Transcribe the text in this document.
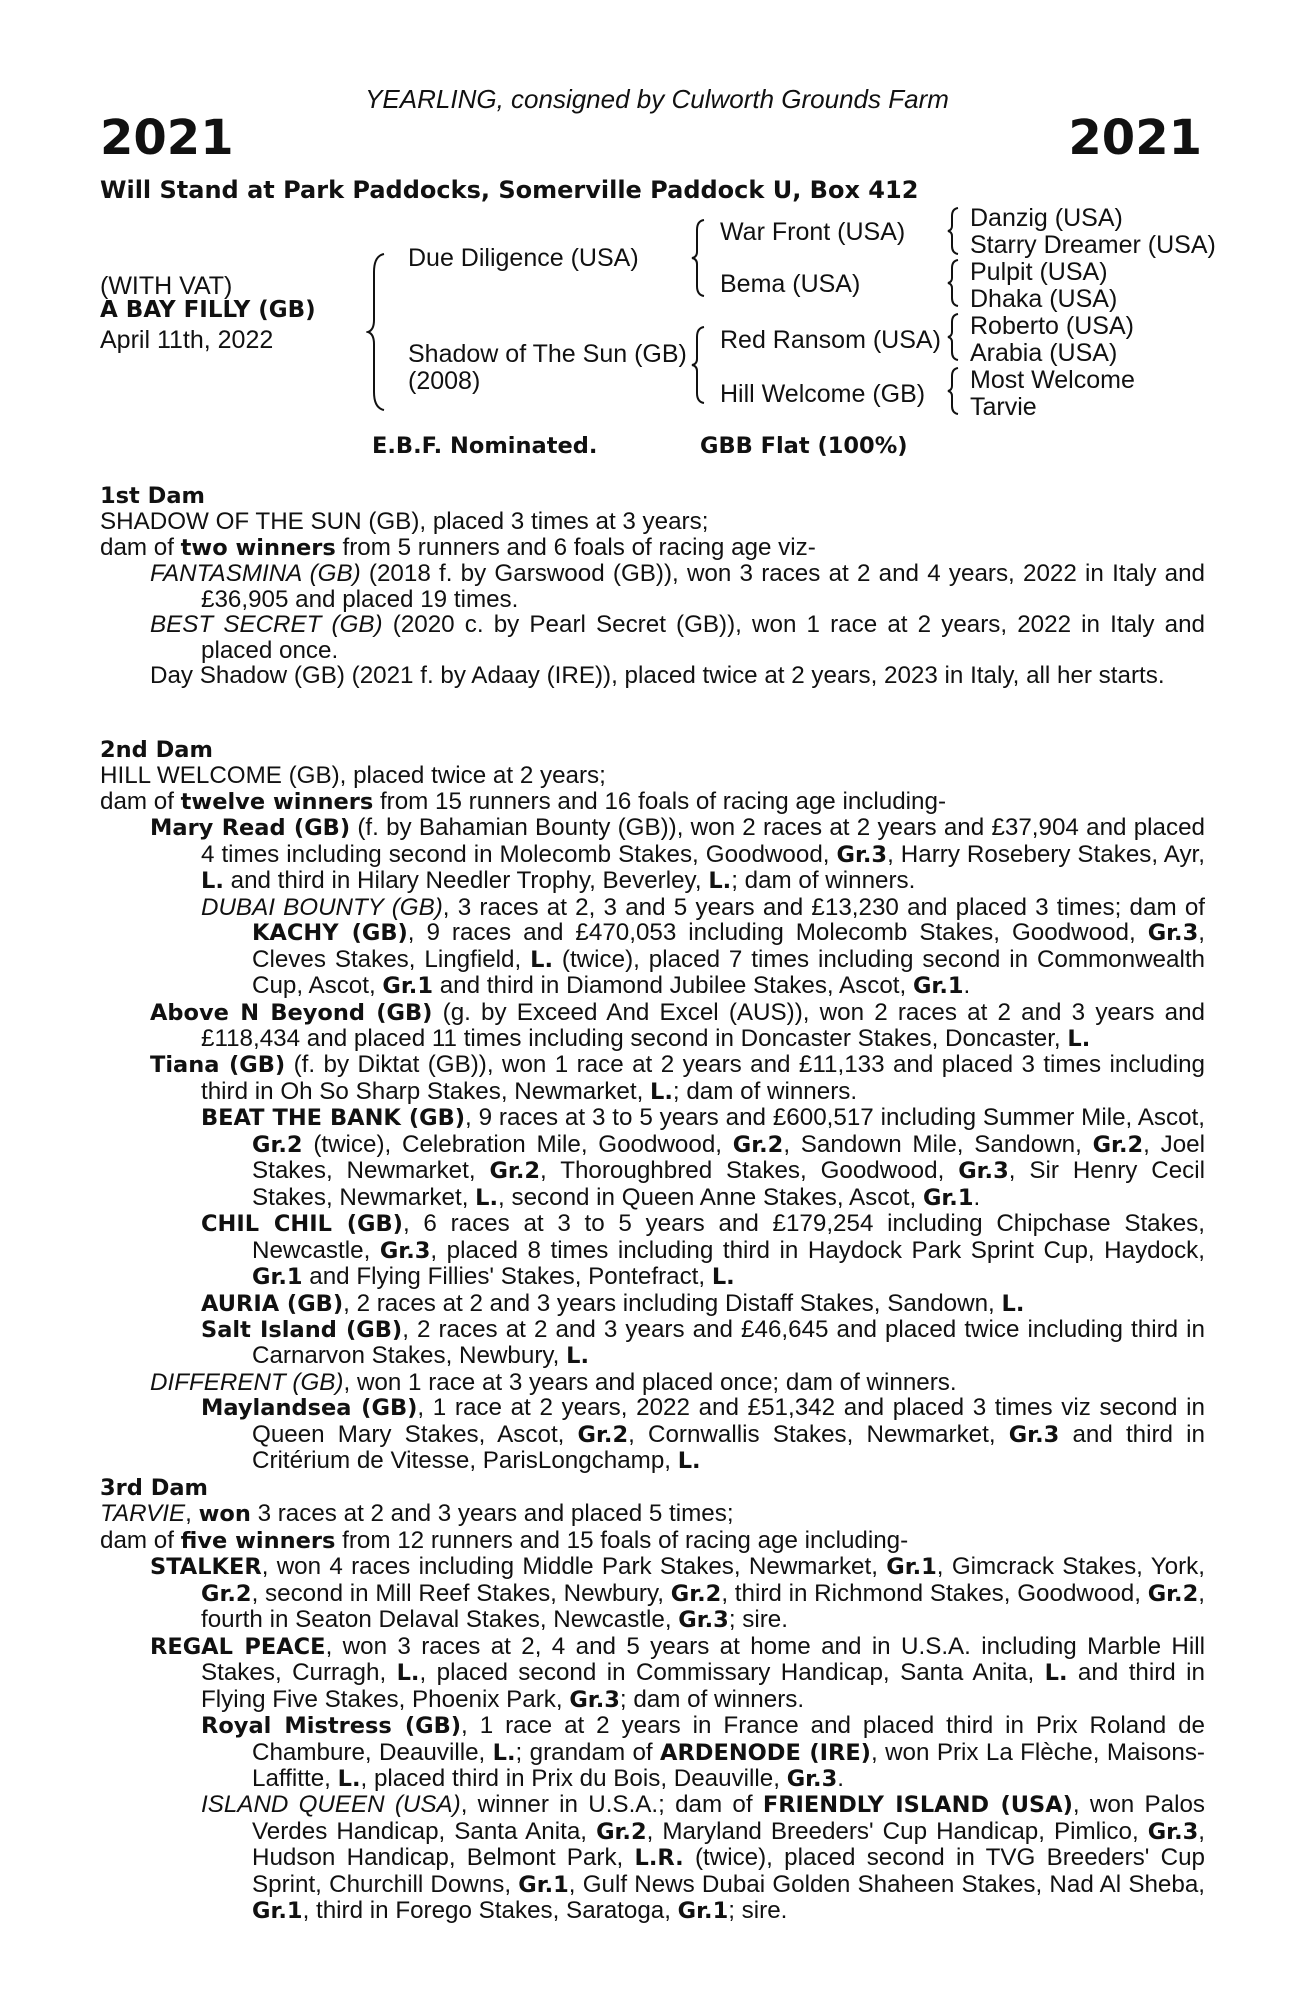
YEARLING, consigned by Culworth Grounds Farm
2021	2021
Will Stand at Park Paddocks, Somerville Paddock U, Box 412
(WITH VAT)
A BAY FILLY (GB)
April 11th, 2022
Due Diligence (USA)
Shadow of The Sun (GB)
(2008)
War Front (USA)
Bema (USA)
Red Ransom (USA)
Hill Welcome (GB)
Danzig (USA)
Starry Dreamer (USA)
Pulpit (USA)
Dhaka (USA)
Roberto (USA)
Arabia (USA)
Most Welcome
Tarvie
E.B.F. Nominated.	GBB Flat (100%)
1st Dam
SHADOW OF THE SUN (GB), placed 3 times at 3 years;
dam of two winners from 5 runners and 6 foals of racing age viz-
FANTASMINA (GB) (2018 f. by Garswood (GB)), won 3 races at 2 and 4 years, 2022 in Italy and £36,905 and placed 19 times.
BEST SECRET (GB) (2020 c. by Pearl Secret (GB)), won 1 race at 2 years, 2022 in Italy and placed once.
Day Shadow (GB) (2021 f. by Adaay (IRE)), placed twice at 2 years, 2023 in Italy, all her starts.
2nd Dam
HILL WELCOME (GB), placed twice at 2 years;
dam of twelve winners from 15 runners and 16 foals of racing age including-
Mary Read (GB) (f. by Bahamian Bounty (GB)), won 2 races at 2 years and £37,904 and placed 4 times including second in Molecomb Stakes, Goodwood, Gr.3, Harry Rosebery Stakes, Ayr, L. and third in Hilary Needler Trophy, Beverley, L.; dam of winners.
DUBAI BOUNTY (GB), 3 races at 2, 3 and 5 years and £13,230 and placed 3 times; dam of KACHY (GB), 9 races and £470,053 including Molecomb Stakes, Goodwood, Gr.3, Cleves Stakes, Lingfield, L. (twice), placed 7 times including second in Commonwealth Cup, Ascot, Gr.1 and third in Diamond Jubilee Stakes, Ascot, Gr.1.
Above N Beyond (GB) (g. by Exceed And Excel (AUS)), won 2 races at 2 and 3 years and £118,434 and placed 11 times including second in Doncaster Stakes, Doncaster, L.
Tiana (GB) (f. by Diktat (GB)), won 1 race at 2 years and £11,133 and placed 3 times including third in Oh So Sharp Stakes, Newmarket, L.; dam of winners.
BEAT THE BANK (GB), 9 races at 3 to 5 years and £600,517 including Summer Mile, Ascot, Gr.2 (twice), Celebration Mile, Goodwood, Gr.2, Sandown Mile, Sandown, Gr.2, Joel Stakes, Newmarket, Gr.2, Thoroughbred Stakes, Goodwood, Gr.3, Sir Henry Cecil Stakes, Newmarket, L., second in Queen Anne Stakes, Ascot, Gr.1.
CHIL CHIL (GB), 6 races at 3 to 5 years and £179,254 including Chipchase Stakes, Newcastle, Gr.3, placed 8 times including third in Haydock Park Sprint Cup, Haydock, Gr.1 and Flying Fillies' Stakes, Pontefract, L.
AURIA (GB), 2 races at 2 and 3 years including Distaff Stakes, Sandown, L.
Salt Island (GB), 2 races at 2 and 3 years and £46,645 and placed twice including third in Carnarvon Stakes, Newbury, L.
DIFFERENT (GB), won 1 race at 3 years and placed once; dam of winners.
Maylandsea (GB), 1 race at 2 years, 2022 and £51,342 and placed 3 times viz second in Queen Mary Stakes, Ascot, Gr.2, Cornwallis Stakes, Newmarket, Gr.3 and third in Critérium de Vitesse, ParisLongchamp, L.
3rd Dam
TARVIE, won 3 races at 2 and 3 years and placed 5 times;
dam of five winners from 12 runners and 15 foals of racing age including-
STALKER, won 4 races including Middle Park Stakes, Newmarket, Gr.1, Gimcrack Stakes, York, Gr.2, second in Mill Reef Stakes, Newbury, Gr.2, third in Richmond Stakes, Goodwood, Gr.2, fourth in Seaton Delaval Stakes, Newcastle, Gr.3; sire.
REGAL PEACE, won 3 races at 2, 4 and 5 years at home and in U.S.A. including Marble Hill Stakes, Curragh, L., placed second in Commissary Handicap, Santa Anita, L. and third in Flying Five Stakes, Phoenix Park, Gr.3; dam of winners.
Royal Mistress (GB), 1 race at 2 years in France and placed third in Prix Roland de Chambure, Deauville, L.; grandam of ARDENODE (IRE), won Prix La Flèche, Maisons-Laffitte, L., placed third in Prix du Bois, Deauville, Gr.3.
ISLAND QUEEN (USA), winner in U.S.A.; dam of FRIENDLY ISLAND (USA), won Palos Verdes Handicap, Santa Anita, Gr.2, Maryland Breeders' Cup Handicap, Pimlico, Gr.3, Hudson Handicap, Belmont Park, L.R. (twice), placed second in TVG Breeders' Cup Sprint, Churchill Downs, Gr.1, Gulf News Dubai Golden Shaheen Stakes, Nad Al Sheba, Gr.1, third in Forego Stakes, Saratoga, Gr.1; sire.
